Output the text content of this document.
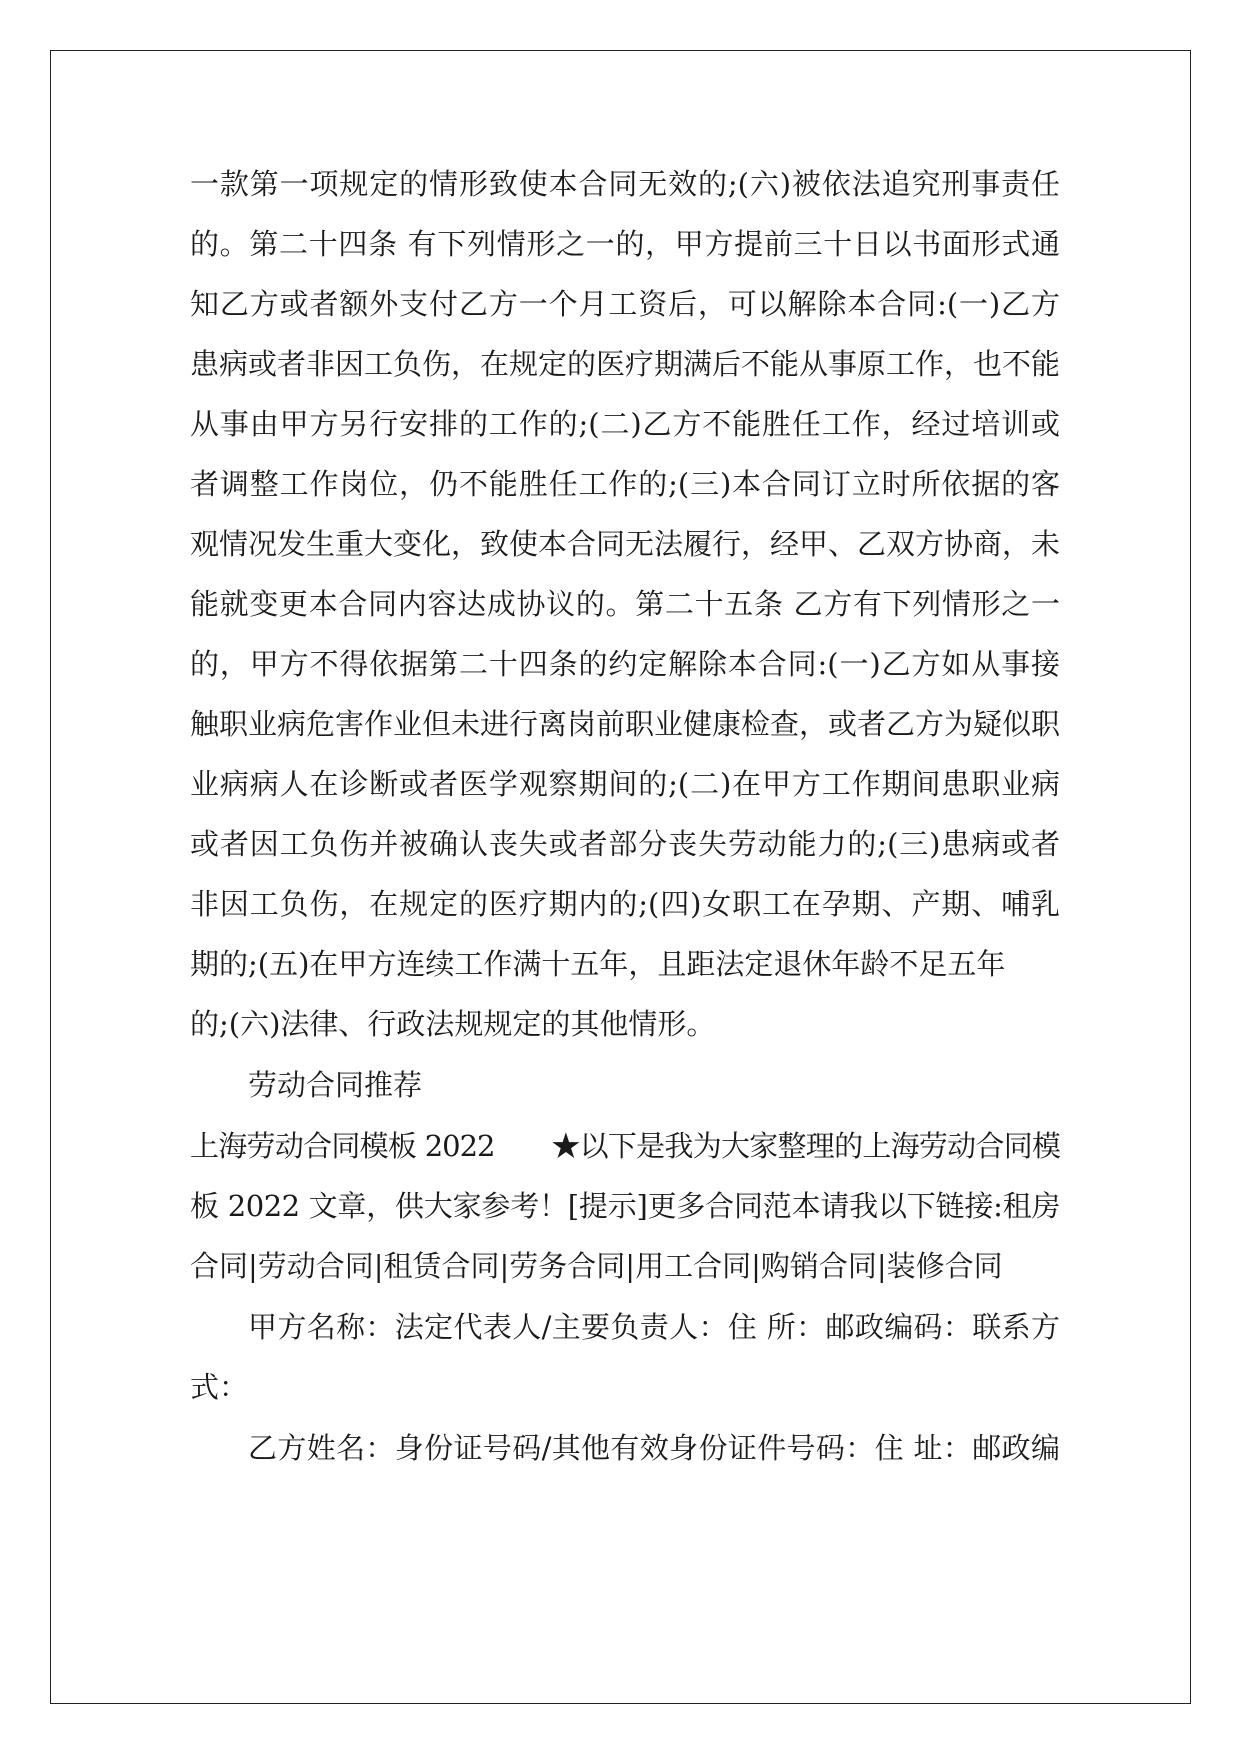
一款第一项规定的情形致使本合同无效的;(六)被依法追究刑事责任
的。第二十四条 有下列情形之一的，甲方提前三十日以书面形式通
知乙方或者额外支付乙方一个月工资后，可以解除本合同:(一)乙方
患病或者非因工负伤，在规定的医疗期满后不能从事原工作，也不能
从事由甲方另行安排的工作的;(二)乙方不能胜任工作，经过培训或
者调整工作岗位，仍不能胜任工作的;(三)本合同订立时所依据的客
观情况发生重大变化，致使本合同无法履行，经甲、乙双方协商，未
能就变更本合同内容达成协议的。第二十五条 乙方有下列情形之一
的，甲方不得依据第二十四条的约定解除本合同:(一)乙方如从事接
触职业病危害作业但未进行离岗前职业健康检查，或者乙方为疑似职
业病病人在诊断或者医学观察期间的;(二)在甲方工作期间患职业病
或者因工负伤并被确认丧失或者部分丧失劳动能力的;(三)患病或者
非因工负伤，在规定的医疗期内的;(四)女职工在孕期、产期、哺乳
期的;(五)在甲方连续工作满十五年，且距法定退休年龄不足五年
的;(六)法律、行政法规规定的其他情形。
劳动合同推荐
上海劳动合同模板 2022　　★以下是我为大家整理的上海劳动合同模
板 2022 文章，供大家参考！[提示]更多合同范本请我以下链接:租房
合同|劳动合同|租赁合同|劳务合同|用工合同|购销合同|装修合同
甲方名称：法定代表人/主要负责人：住 所：邮政编码：联系方
式：
乙方姓名：身份证号码/其他有效身份证件号码：住 址：邮政编
